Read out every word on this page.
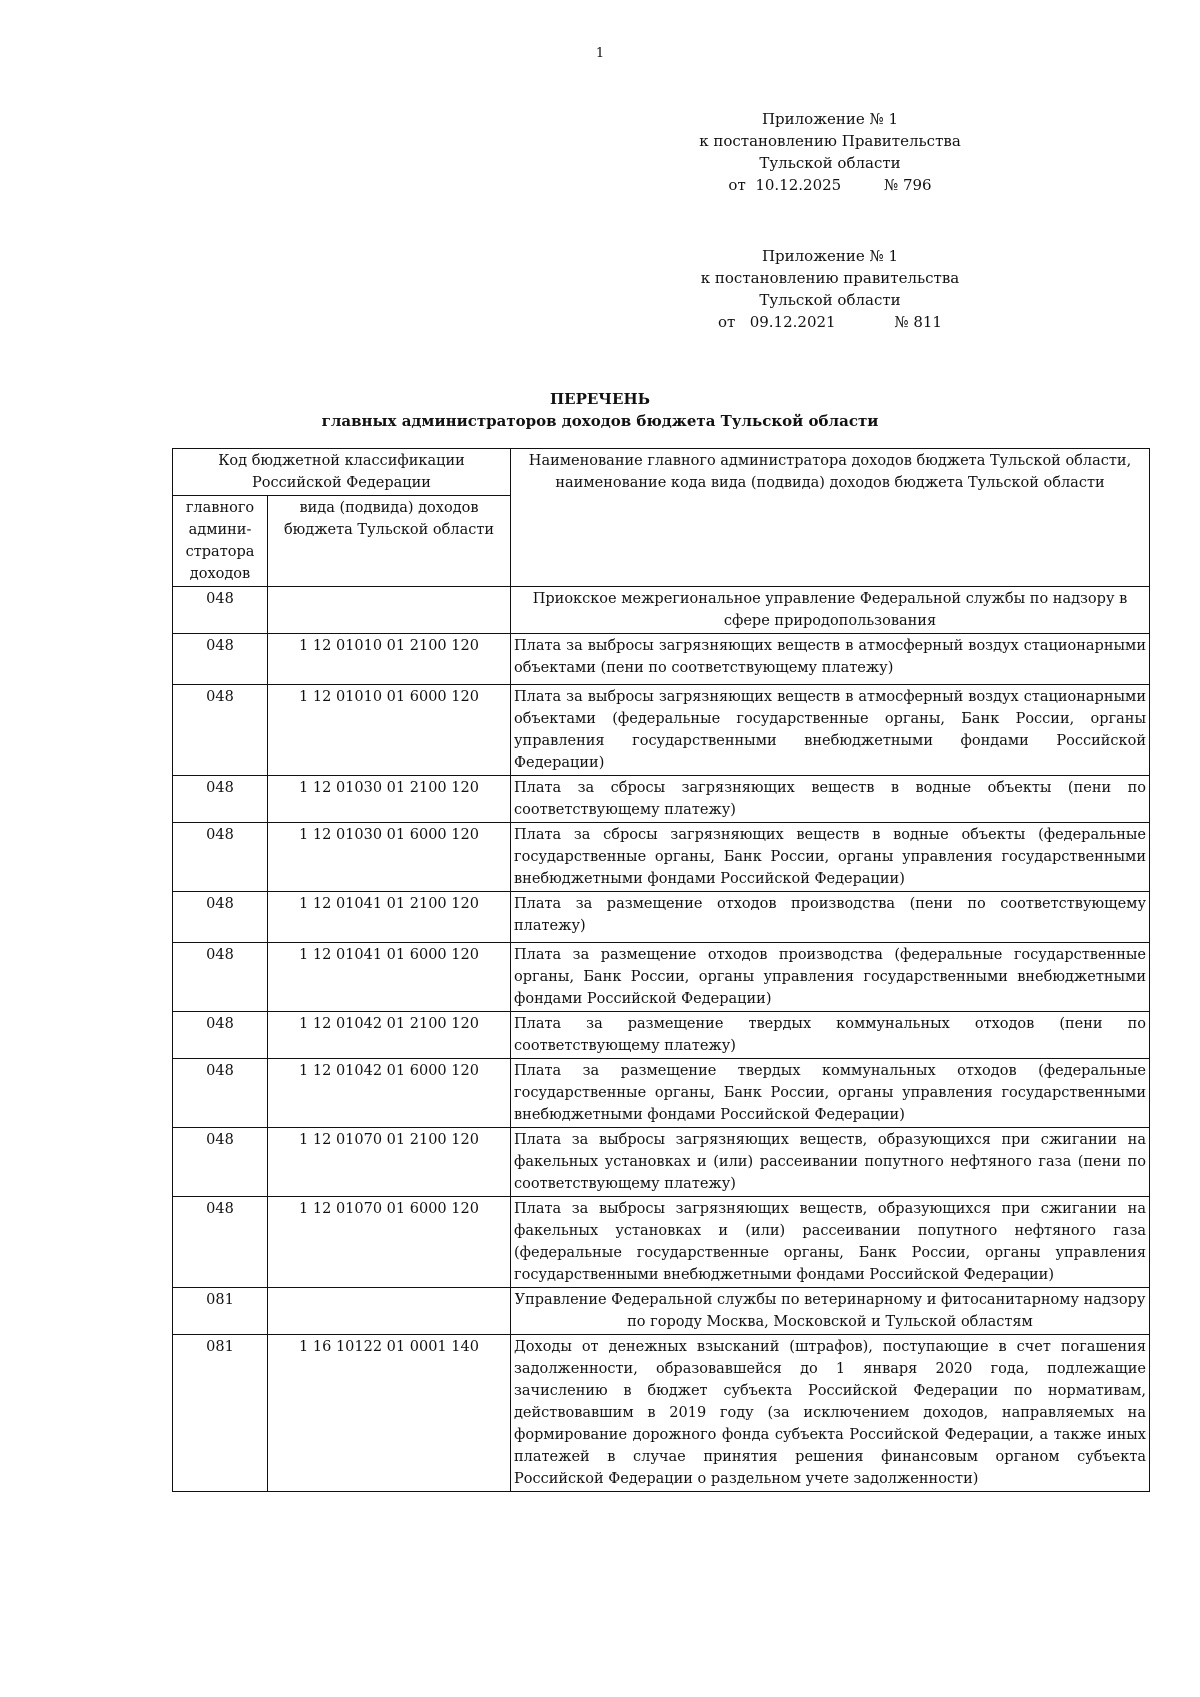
1
Приложение № 1
к постановлению Правительства
Тульской области
от 10.12.2025	№ 796
Приложение № 1
к постановлению правительства
Тульской области
от 09.12.2021	№ 811
ПЕРЕЧЕНЬ
главных администраторов доходов бюджета Тульской области
Код бюджетной классификации Российской Федерации		Наименование главного администратора доходов бюджета Тульской области, наименование кода вида (подвида) доходов бюджета Тульской области
главного админи-стратора доходов	вида (подвида) доходов бюджета Тульской области	
048		Приокское межрегиональное управление Федеральной службы по надзору в сфере природопользования
048	1 12 01010 01 2100 120	Плата за выбросы загрязняющих веществ в атмосферный воздух стационарными объектами (пени по соответствующему платежу)
048	1 12 01010 01 6000 120	Плата за выбросы загрязняющих веществ в атмосферный воздух стационарными объектами (федеральные государственные органы, Банк России, органы управления государственными внебюджетными фондами Российской Федерации)
048	1 12 01030 01 2100 120	Плата за сбросы загрязняющих веществ в водные объекты (пени по соответствующему платежу)
048	1 12 01030 01 6000 120	Плата за сбросы загрязняющих веществ в водные объекты (федеральные государственные органы, Банк России, органы управления государственными внебюджетными фондами Российской Федерации)
048	1 12 01041 01 2100 120	Плата за размещение отходов производства (пени по соответствующему платежу)
048	1 12 01041 01 6000 120	Плата за размещение отходов производства (федеральные государственные органы, Банк России, органы управления государственными внебюджетными фондами Российской Федерации)
048	1 12 01042 01 2100 120	Плата за размещение твердых коммунальных отходов (пени по соответствующему платежу)
048	1 12 01042 01 6000 120	Плата за размещение твердых коммунальных отходов (федеральные государственные органы, Банк России, органы управления государственными внебюджетными фондами Российской Федерации)
048	1 12 01070 01 2100 120	Плата за выбросы загрязняющих веществ, образующихся при сжигании на факельных установках и (или) рассеивании попутного нефтяного газа (пени по соответствующему платежу)
048	1 12 01070 01 6000 120	Плата за выбросы загрязняющих веществ, образующихся при сжигании на факельных установках и (или) рассеивании попутного нефтяного газа (федеральные государственные органы, Банк России, органы управления государственными внебюджетными фондами Российской Федерации)
081		Управление Федеральной службы по ветеринарному и фитосанитарному надзору по городу Москва, Московской и Тульской областям
081	1 16 10122 01 0001 140	Доходы от денежных взысканий (штрафов), поступающие в счет погашения задолженности, образовавшейся до 1 января 2020 года, подлежащие зачислению в бюджет субъекта Российской Федерации по нормативам, действовавшим в 2019 году (за исключением доходов, направляемых на формирование дорожного фонда субъекта Российской Федерации, а также иных платежей в случае принятия решения финансовым органом субъекта Российской Федерации о раздельном учете задолженности)
